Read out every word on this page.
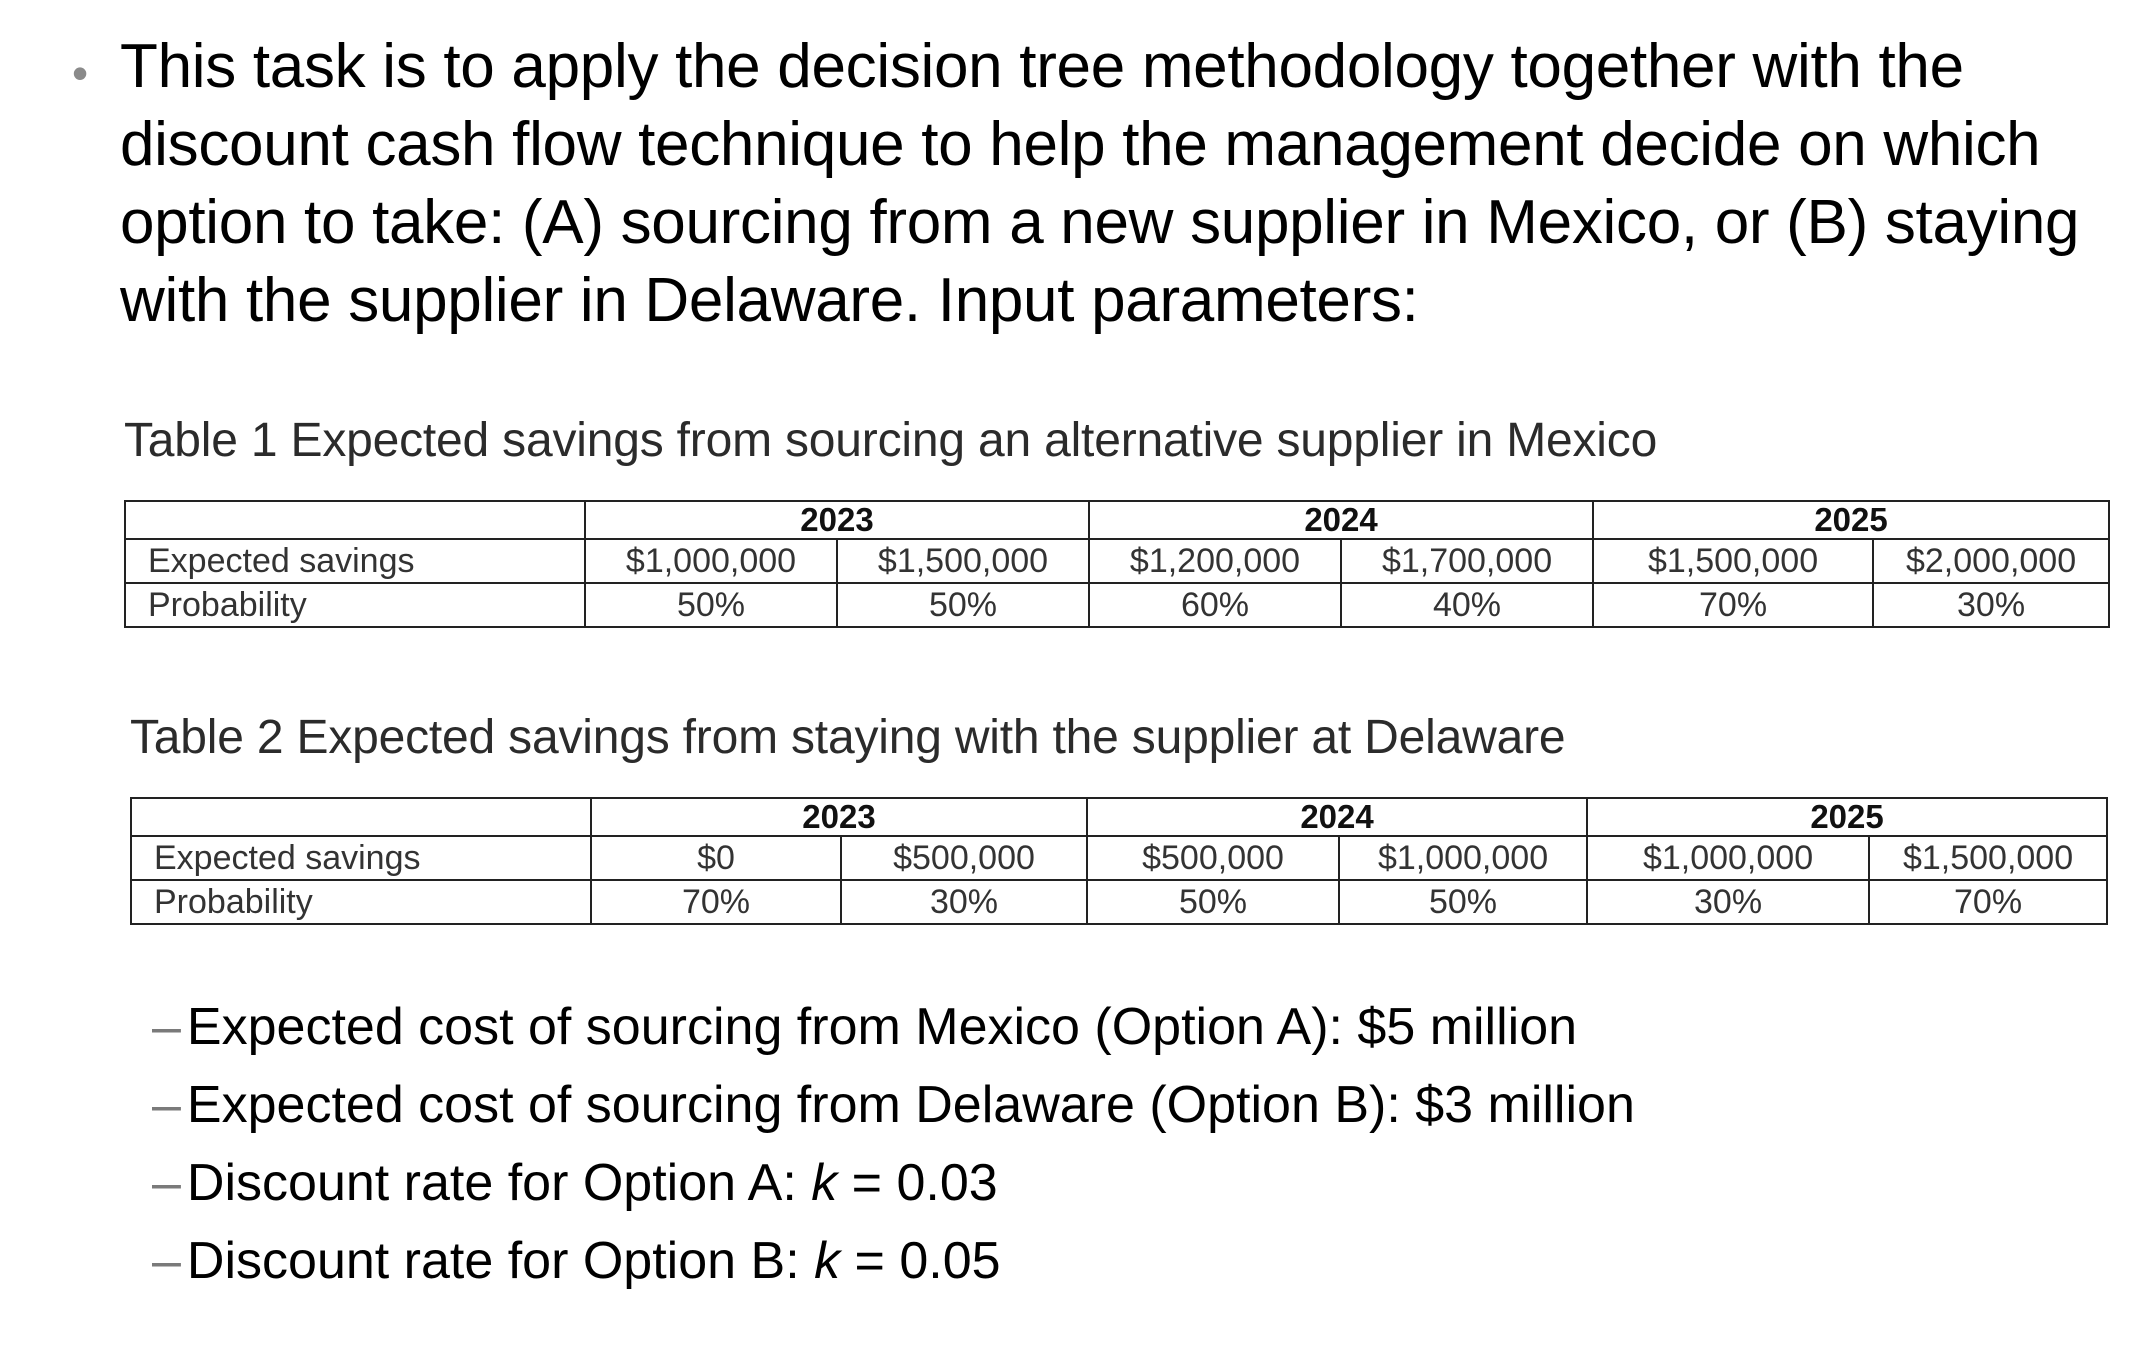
• This task is to apply the decision tree methodology together with the discount cash flow technique to help the management decide on which option to take: (A) sourcing from a new supplier in Mexico, or (B) staying with the supplier in Delaware. Input parameters:
Table 1 Expected savings from sourcing an alternative supplier in Mexico
	2023		2024		2025	
Expected savings	$1,000,000	$1,500,000	$1,200,000	$1,700,000	$1,500,000	$2,000,000
Probability	50%	50%	60%	40%	70%	30%
Table 2 Expected savings from staying with the supplier at Delaware
	2023		2024		2025	
Expected savings	$0	$500,000	$500,000	$1,000,000	$1,000,000	$1,500,000
Probability	70%	30%	50%	50%	30%	70%
– Expected cost of sourcing from Mexico (Option A): $5 million
– Expected cost of sourcing from Delaware (Option B): $3 million
– Discount rate for Option A: k = 0.03
– Discount rate for Option B: k = 0.05
